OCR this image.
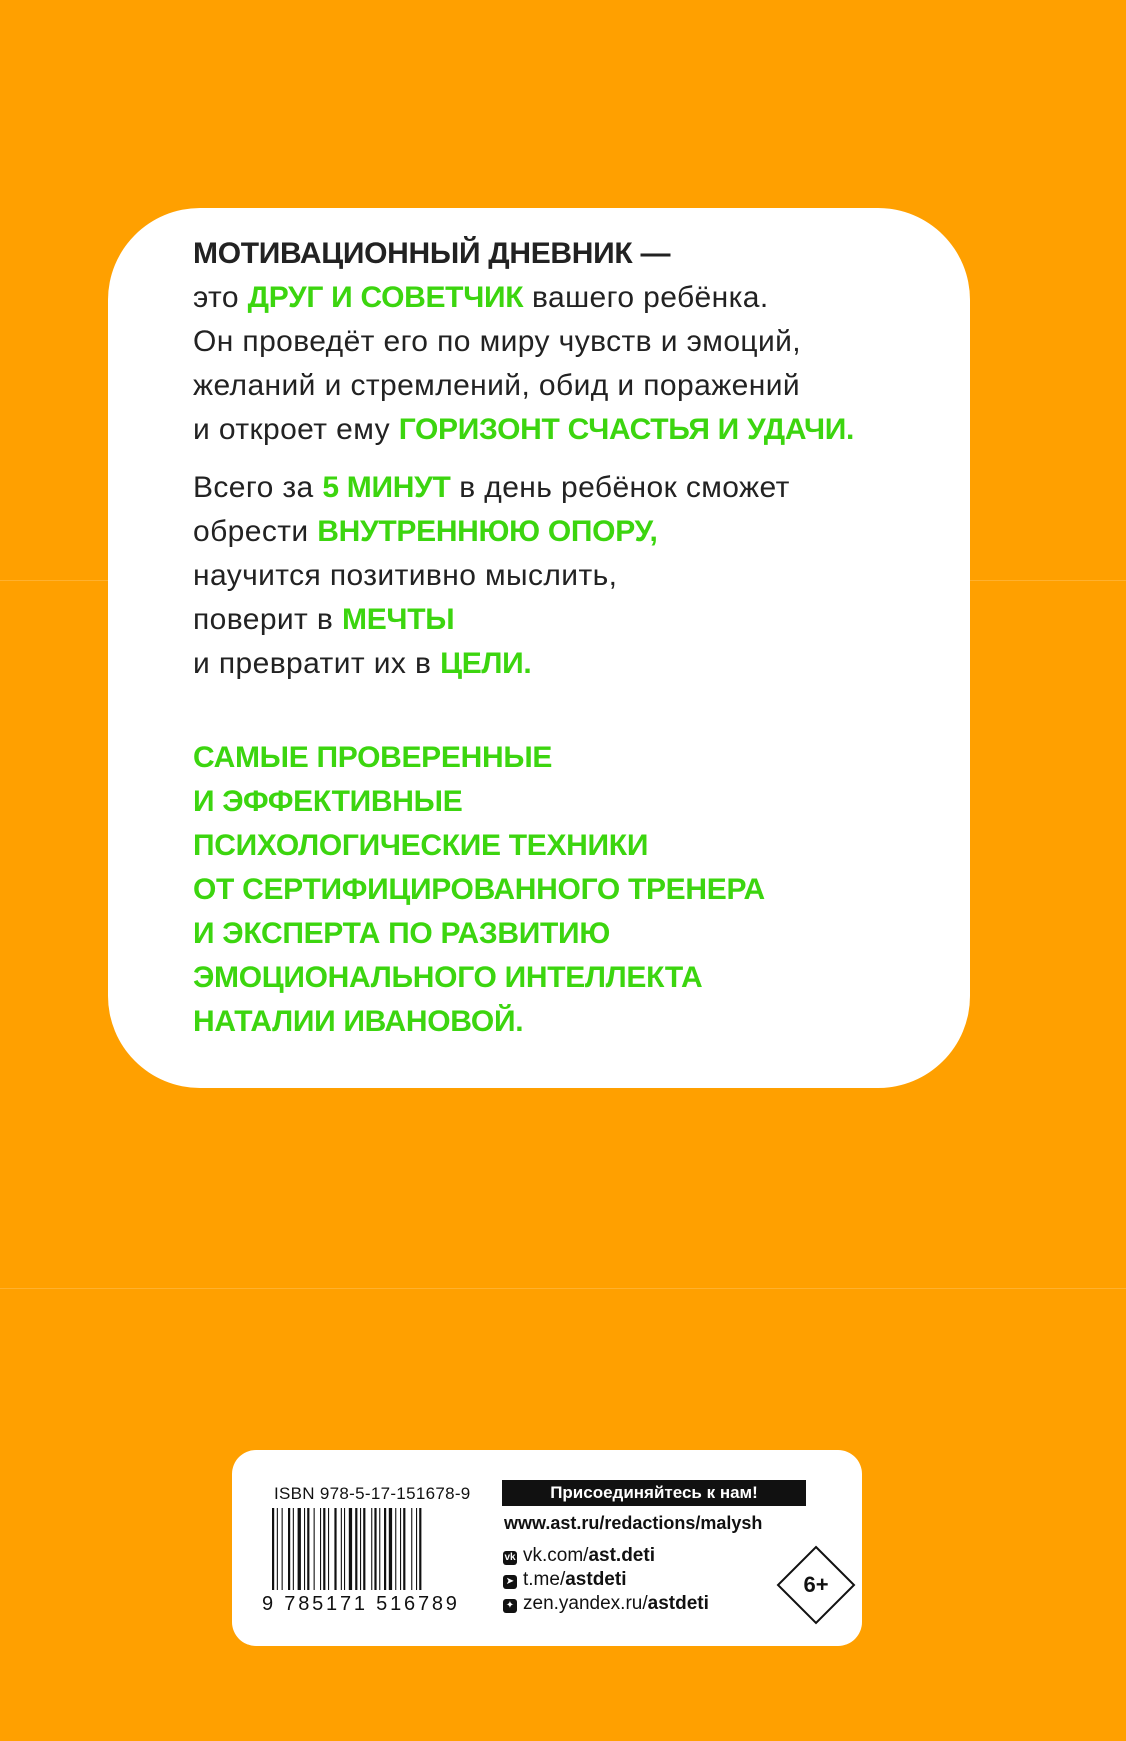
МОТИВАЦИОННЫЙ ДНЕВНИК —
это ДРУГ И СОВЕТЧИК вашего ребёнка.
Он проведёт его по миру чувств и эмоций,
желаний и стремлений, обид и поражений
и откроет ему ГОРИЗОНТ СЧАСТЬЯ И УДАЧИ.
Всего за 5 МИНУТ в день ребёнок сможет
обрести ВНУТРЕННЮЮ ОПОРУ,
научится позитивно мыслить,
поверит в МЕЧТЫ
и превратит их в ЦЕЛИ.
САМЫЕ ПРОВЕРЕННЫЕ
И ЭФФЕКТИВНЫЕ
ПСИХОЛОГИЧЕСКИЕ ТЕХНИКИ
ОТ СЕРТИФИЦИРОВАННОГО ТРЕНЕРА
И ЭКСПЕРТА ПО РАЗВИТИЮ
ЭМОЦИОНАЛЬНОГО ИНТЕЛЛЕКТА
НАТАЛИИ ИВАНОВОЙ.
ISBN 978-5-17-151678-9
9 785171 516789
Присоединяйтесь к нам!
www.ast.ru/redactions/malysh
vk vk.com/ast.deti
➤ t.me/astdeti
✦ zen.yandex.ru/astdeti
6+
